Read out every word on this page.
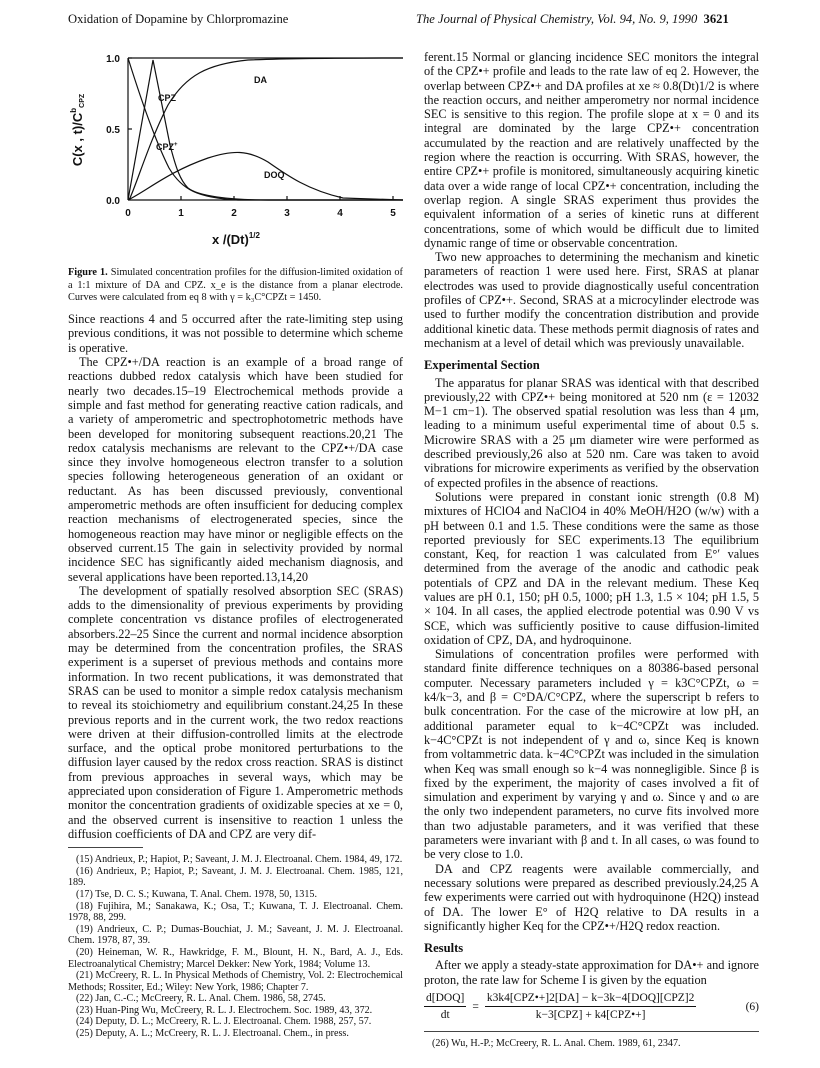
Oxidation of Dopamine by Chlorpromazine	The Journal of Physical Chemistry, Vol. 94, No. 9, 1990 3621
1.0
0.5
0.0
0	1	2	3	4	5
DA
CPZ
CPZ+
DOQ
x $/(Dt)^{1/2}$
C(x , $t)/C^b_{CPZ}$
Figure 1. Simulated concentration profiles for the diffusion-limited oxidation of a 1:1 mixture of DA and CPZ. x_e is the distance from a planar electrode. Curves were calculated from eq 8 with γ = k₃C°CPZt = 1450.

Since reactions 4 and 5 occurred after the rate-limiting step using previous conditions, it was not possible to determine which scheme is operative.

The CPZ•+/DA reaction is an example of a broad range of reactions dubbed redox catalysis which have been studied for nearly two decades.15–19 Electrochemical methods provide a simple and fast method for generating reactive cation radicals, and a variety of amperometric and spectrophotometric methods have been developed for monitoring subsequent reactions.20,21 The redox catalysis mechanisms are relevant to the CPZ•+/DA case since they involve homogeneous electron transfer to a solution species following heterogeneous generation of an oxidant or reductant. As has been discussed previously, conventional amperometric methods are often insufficient for deducing complex reaction mechanisms of electrogenerated species, since the homogeneous reaction may have minor or negligible effects on the observed current.15 The gain in selectivity provided by normal incidence SEC has significantly aided mechanism diagnosis, and several applications have been reported.13,14,20

The development of spatially resolved absorption SEC (SRAS) adds to the dimensionality of previous experiments by providing complete concentration vs distance profiles of electrogenerated absorbers.22–25 Since the current and normal incidence absorption may be determined from the concentration profiles, the SRAS experiment is a superset of previous methods and contains more information. In two recent publications, it was demonstrated that SRAS can be used to monitor a simple redox catalysis mechanism to reveal its stoichiometry and equilibrium constant.24,25 In these previous reports and in the current work, the two redox reactions were driven at their diffusion-controlled limits at the electrode surface, and the optical probe monitored perturbations to the diffusion layer caused by the redox cross reaction. SRAS is distinct from previous approaches in several ways, which may be appreciated upon consideration of Figure 1. Amperometric methods monitor the concentration gradients of oxidizable species at xe = 0, and the observed current is insensitive to reaction 1 unless the diffusion coefficients of DA and CPZ are very dif-

(15) Andrieux, P.; Hapiot, P.; Saveant, J. M. J. Electroanal. Chem. 1984, 49, 172.
(16) Andrieux, P.; Hapiot, P.; Saveant, J. M. J. Electroanal. Chem. 1985, 121, 189.
(17) Tse, D. C. S.; Kuwana, T. Anal. Chem. 1978, 50, 1315.
(18) Fujihira, M.; Sanakawa, K.; Osa, T.; Kuwana, T. J. Electroanal. Chem. 1978, 88, 299.
(19) Andrieux, C. P.; Dumas-Bouchiat, J. M.; Saveant, J. M. J. Electroanal. Chem. 1978, 87, 39.
(20) Heineman, W. R., Hawkridge, F. M., Blount, H. N., Bard, A. J., Eds. Electroanalytical Chemistry; Marcel Dekker: New York, 1984; Volume 13.
(21) McCreery, R. L. In Physical Methods of Chemistry, Vol. 2: Electrochemical Methods; Rossiter, Ed.; Wiley: New York, 1986; Chapter 7.
(22) Jan, C.-C.; McCreery, R. L. Anal. Chem. 1986, 58, 2745.
(23) Huan-Ping Wu, McCreery, R. L. J. Electrochem. Soc. 1989, 43, 372.
(24) Deputy, D. L.; McCreery, R. L. J. Electroanal. Chem. 1988, 257, 57.
(25) Deputy, A. L.; McCreery, R. L. J. Electroanal. Chem., in press.

ferent.15 Normal or glancing incidence SEC monitors the integral of the CPZ•+ profile and leads to the rate law of eq 2. However, the overlap between CPZ•+ and DA profiles at xe ≈ 0.8(Dt)1/2 is where the reaction occurs, and neither amperometry nor normal incidence SEC is sensitive to this region. The profile slope at x = 0 and its integral are dominated by the large CPZ•+ concentration accumulated by the reaction and are relatively unaffected by the region where the reaction is occurring. With SRAS, however, the entire CPZ•+ profile is monitored, simultaneously acquiring kinetic data over a wide range of local CPZ•+ concentration, including the overlap region. A single SRAS experiment thus provides the equivalent information of a series of kinetic runs at different concentrations, some of which would be difficult due to limited dynamic range of time or observable concentration.

Two new approaches to determining the mechanism and kinetic parameters of reaction 1 were used here. First, SRAS at planar electrodes was used to provide diagnostically useful concentration profiles of CPZ•+. Second, SRAS at a microcylinder electrode was used to further modify the concentration distribution and provide additional kinetic data. These methods permit diagnosis of rates and mechanism at a level of detail which was previously unavailable.

Experimental Section

The apparatus for planar SRAS was identical with that described previously,22 with CPZ•+ being monitored at 520 nm (ε = 12032 M−1 cm−1). The observed spatial resolution was less than 4 μm, leading to a minimum useful experimental time of about 0.5 s. Microwire SRAS with a 25 μm diameter wire were performed as described previously,26 also at 520 nm. Care was taken to avoid vibrations for microwire experiments as verified by the observation of expected profiles in the absence of reactions.

Solutions were prepared in constant ionic strength (0.8 M) mixtures of HClO4 and NaClO4 in 40% MeOH/H2O (w/w) with a pH between 0.1 and 1.5. These conditions were the same as those reported previously for SEC experiments.13 The equilibrium constant, Keq, for reaction 1 was calculated from E°′ values determined from the average of the anodic and cathodic peak potentials of CPZ and DA in the relevant medium. These Keq values are pH 0.1, 150; pH 0.5, 1000; pH 1.3, 1.5 × 104; pH 1.5, 5 × 104. In all cases, the applied electrode potential was 0.90 V vs SCE, which was sufficiently positive to cause diffusion-limited oxidation of CPZ, DA, and hydroquinone.

Simulations of concentration profiles were performed with standard finite difference techniques on a 80386-based personal computer. Necessary parameters included γ = k3C°CPZt, ω = k4/k−3, and β = C°DA/C°CPZ, where the superscript b refers to bulk concentration. For the case of the microwire at low pH, an additional parameter equal to k−4C°CPZt was included. k−4C°CPZt is not independent of γ and ω, since Keq is known from voltammetric data. k−4C°CPZt was included in the simulation when Keq was small enough so k−4 was nonnegligible. Since β is fixed by the experiment, the majority of cases involved a fit of simulation and experiment by varying γ and ω. Since γ and ω are the only two independent parameters, no curve fits involved more than two adjustable parameters, and it was verified that these parameters were invariant with β and t. In all cases, ω was found to be very close to 1.0.

DA and CPZ reagents were available commercially, and necessary solutions were prepared as described previously.24,25 A few experiments were carried out with hydroquinone (H2Q) instead of DA. The lower E° of H2Q relative to DA results in a significantly higher Keq for the CPZ•+/H2Q redox reaction.

Results

After we apply a steady-state approximation for DA•+ and ignore proton, the rate law for Scheme I is given by the equation

$\frac{\text{d[DOQ]}}{dt} = \frac{\text{k3k4[CPZ•+]2[DA] − k−3k−4[DOQ][CPZ]2}}{\text{k−3[CPZ] + k4[CPZ•+]}}$	(6)
(26) Wu, H.-P.; McCreery, R. L. Anal. Chem. 1989, 61, 2347.
